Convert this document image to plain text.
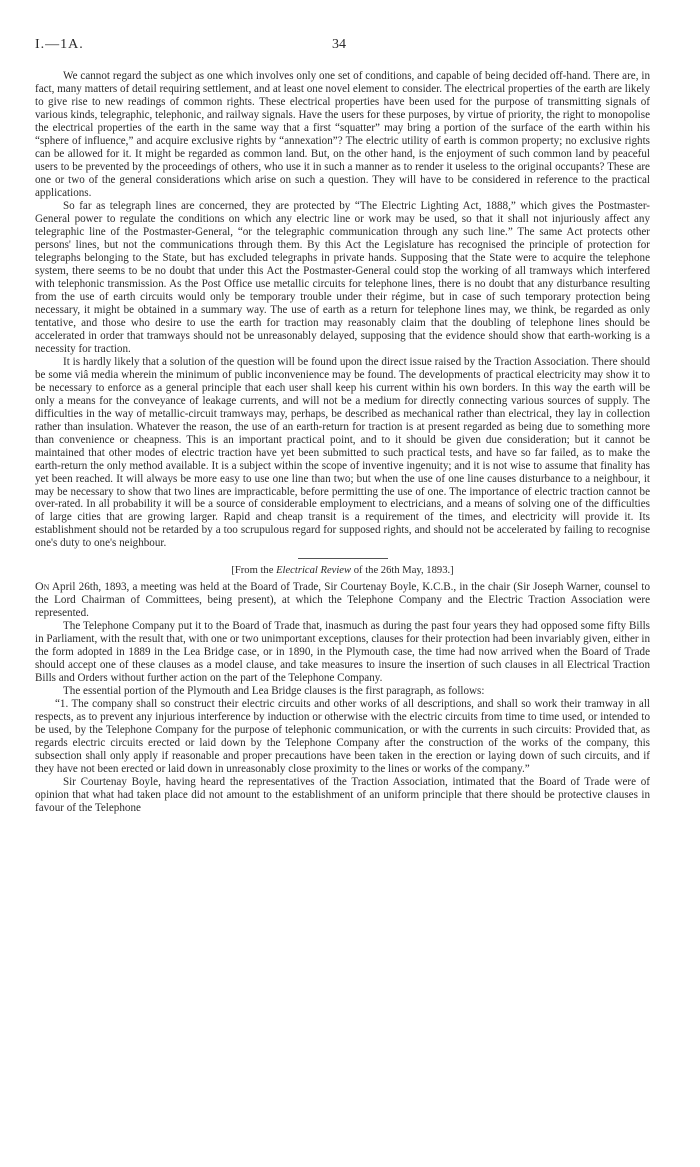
I.—1A.	34

We cannot regard the subject as one which involves only one set of conditions, and capable of being decided off-hand. There are, in fact, many matters of detail requiring settlement, and at least one novel element to consider. The electrical properties of the earth are likely to give rise to new readings of common rights. These electrical properties have been used for the purpose of transmitting signals of various kinds, telegraphic, telephonic, and railway signals. Have the users for these purposes, by virtue of priority, the right to monopolise the electrical properties of the earth in the same way that a first “squatter” may bring a portion of the surface of the earth within his “sphere of influence,” and acquire exclusive rights by “annexation”? The electric utility of earth is common property; no exclusive rights can be allowed for it. It might be regarded as common land. But, on the other hand, is the enjoyment of such common land by peaceful users to be prevented by the proceedings of others, who use it in such a manner as to render it useless to the original occupants? These are one or two of the general considerations which arise on such a question. They will have to be considered in reference to the practical applications.

So far as telegraph lines are concerned, they are protected by “The Electric Lighting Act, 1888,” which gives the Postmaster-General power to regulate the conditions on which any electric line or work may be used, so that it shall not injuriously affect any telegraphic line of the Postmaster-General, “or the telegraphic communication through any such line.” The same Act protects other persons' lines, but not the communications through them. By this Act the Legislature has recognised the principle of protection for telegraphs belonging to the State, but has excluded telegraphs in private hands. Supposing that the State were to acquire the telephone system, there seems to be no doubt that under this Act the Postmaster-General could stop the working of all tramways which interfered with telephonic transmission. As the Post Office use metallic circuits for telephone lines, there is no doubt that any disturbance resulting from the use of earth circuits would only be temporary trouble under their régime, but in case of such temporary protection being necessary, it might be obtained in a summary way. The use of earth as a return for telephone lines may, we think, be regarded as only tentative, and those who desire to use the earth for traction may reasonably claim that the doubling of telephone lines should be accelerated in order that tramways should not be unreasonably delayed, supposing that the evidence should show that earth-working is a necessity for traction.

It is hardly likely that a solution of the question will be found upon the direct issue raised by the Traction Association. There should be some viâ media wherein the minimum of public inconvenience may be found. The developments of practical electricity may show it to be necessary to enforce as a general principle that each user shall keep his current within his own borders. In this way the earth will be only a means for the conveyance of leakage currents, and will not be a medium for directly connecting various sources of supply. The difficulties in the way of metallic-circuit tramways may, perhaps, be described as mechanical rather than electrical, they lay in collection rather than insulation. Whatever the reason, the use of an earth-return for traction is at present regarded as being due to something more than convenience or cheapness. This is an important practical point, and to it should be given due consideration; but it cannot be maintained that other modes of electric traction have yet been submitted to such practical tests, and have so far failed, as to make the earth-return the only method available. It is a subject within the scope of inventive ingenuity; and it is not wise to assume that finality has yet been reached. It will always be more easy to use one line than two; but when the use of one line causes disturbance to a neighbour, it may be necessary to show that two lines are impracticable, before permitting the use of one. The importance of electric traction cannot be over-rated. In all probability it will be a source of considerable employment to electricians, and a means of solving one of the difficulties of large cities that are growing larger. Rapid and cheap transit is a requirement of the times, and electricity will provide it. Its establishment should not be retarded by a too scrupulous regard for supposed rights, and should not be accelerated by failing to recognise one's duty to one's neighbour.

[From the Electrical Review of the 26th May, 1893.]

On April 26th, 1893, a meeting was held at the Board of Trade, Sir Courtenay Boyle, K.C.B., in the chair (Sir Joseph Warner, counsel to the Lord Chairman of Committees, being present), at which the Telephone Company and the Electric Traction Association were represented.

The Telephone Company put it to the Board of Trade that, inasmuch as during the past four years they had opposed some fifty Bills in Parliament, with the result that, with one or two unimportant exceptions, clauses for their protection had been invariably given, either in the form adopted in 1889 in the Lea Bridge case, or in 1890, in the Plymouth case, the time had now arrived when the Board of Trade should accept one of these clauses as a model clause, and take measures to insure the insertion of such clauses in all Electrical Traction Bills and Orders without further action on the part of the Telephone Company.

The essential portion of the Plymouth and Lea Bridge clauses is the first paragraph, as follows:

“1. The company shall so construct their electric circuits and other works of all descriptions, and shall so work their tramway in all respects, as to prevent any injurious interference by induction or otherwise with the electric circuits from time to time used, or intended to be used, by the Telephone Company for the purpose of telephonic communication, or with the currents in such circuits: Provided that, as regards electric circuits erected or laid down by the Telephone Company after the construction of the works of the company, this subsection shall only apply if reasonable and proper precautions have been taken in the erection or laying down of such circuits, and if they have not been erected or laid down in unreasonably close proximity to the lines or works of the company.”

Sir Courtenay Boyle, having heard the representatives of the Traction Association, intimated that the Board of Trade were of opinion that what had taken place did not amount to the establishment of an uniform principle that there should be protective clauses in favour of the Telephone
